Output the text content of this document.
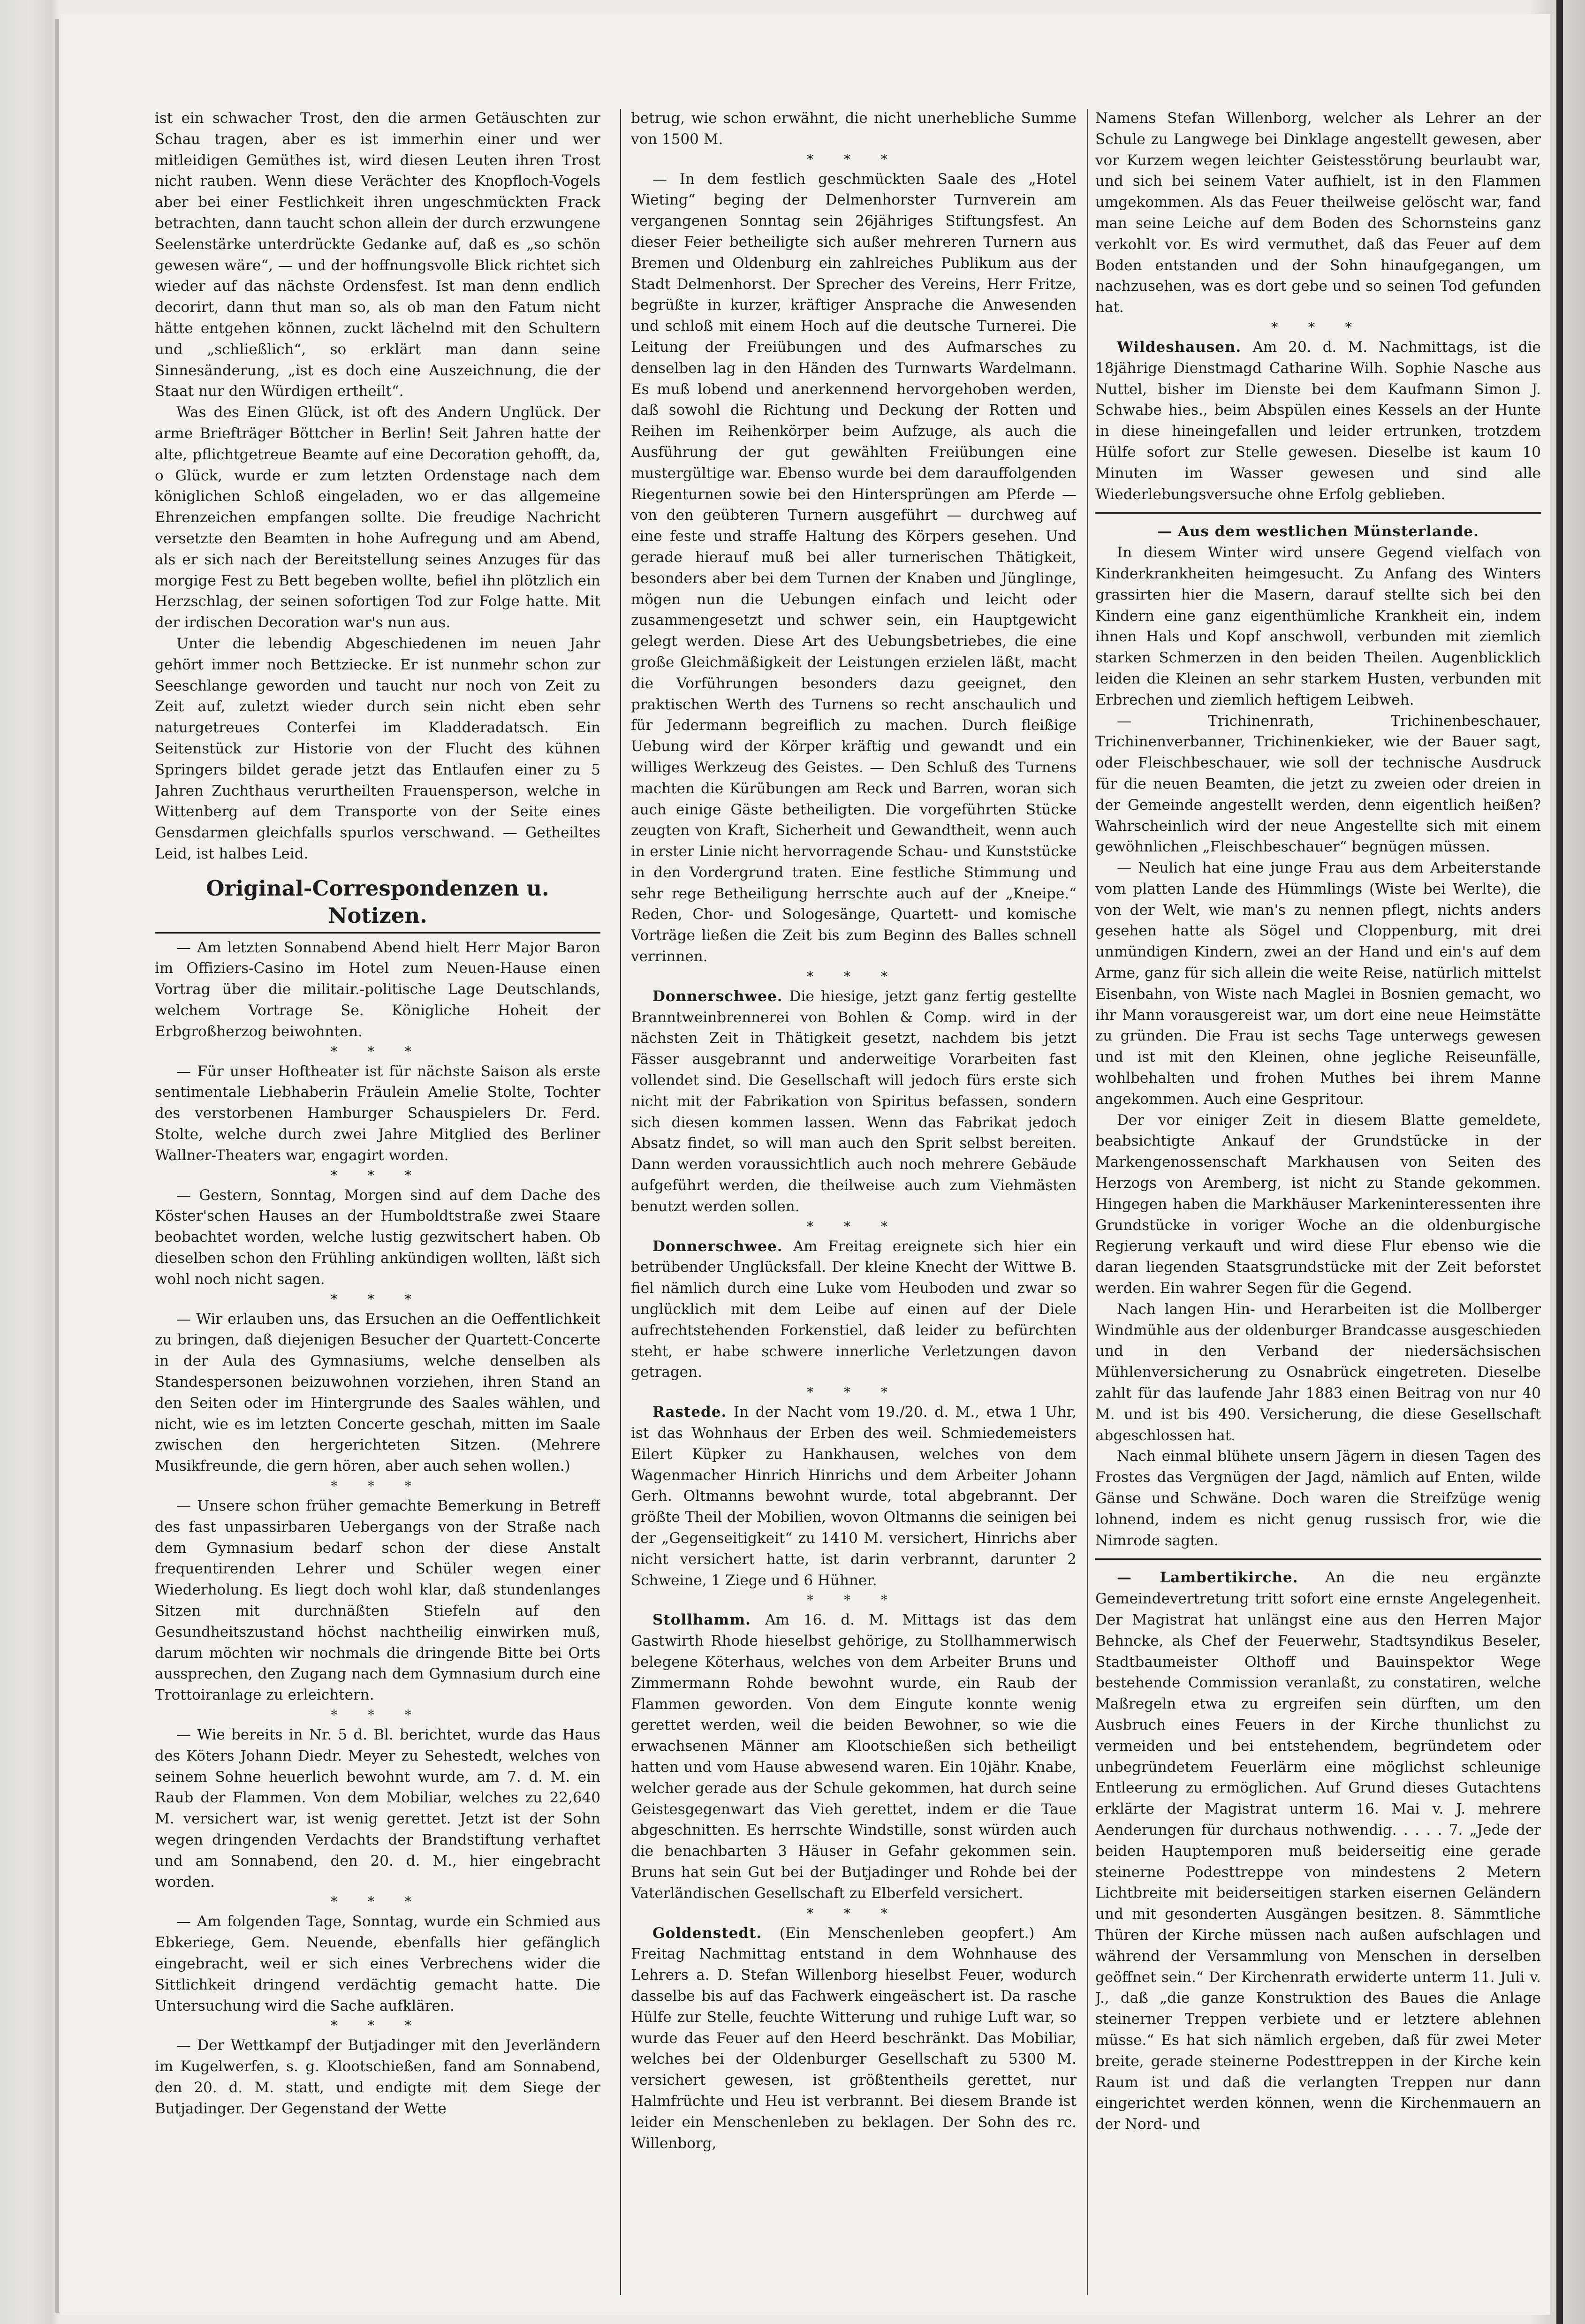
ist ein schwacher Trost, den die armen Getäuschten zur Schau tragen, aber es ist immerhin einer und wer mitleidigen Gemüthes ist, wird diesen Leuten ihren Trost nicht rauben. Wenn diese Verächter des Knopfloch-Vogels aber bei einer Festlichkeit ihren ungeschmückten Frack betrachten, dann taucht schon allein der durch erzwungene Seelenstärke unterdrückte Gedanke auf, daß es „so schön gewesen wäre“, — und der hoffnungsvolle Blick richtet sich wieder auf das nächste Ordensfest. Ist man denn endlich decorirt, dann thut man so, als ob man den Fatum nicht hätte entgehen können, zuckt lächelnd mit den Schultern und „schließlich“, so erklärt man dann seine Sinnesänderung, „ist es doch eine Auszeichnung, die der Staat nur den Würdigen ertheilt“.

Was des Einen Glück, ist oft des Andern Unglück. Der arme Briefträger Böttcher in Berlin! Seit Jahren hatte der alte, pflichtgetreue Beamte auf eine Decoration gehofft, da, o Glück, wurde er zum letzten Ordenstage nach dem königlichen Schloß eingeladen, wo er das allgemeine Ehrenzeichen empfangen sollte. Die freudige Nachricht versetzte den Beamten in hohe Aufregung und am Abend, als er sich nach der Bereitstellung seines Anzuges für das morgige Fest zu Bett begeben wollte, befiel ihn plötzlich ein Herzschlag, der seinen sofortigen Tod zur Folge hatte. Mit der irdischen Decoration war's nun aus.

Unter die lebendig Abgeschiedenen im neuen Jahr gehört immer noch Bettziecke. Er ist nunmehr schon zur Seeschlange geworden und taucht nur noch von Zeit zu Zeit auf, zuletzt wieder durch sein nicht eben sehr naturgetreues Conterfei im Kladderadatsch. Ein Seitenstück zur Historie von der Flucht des kühnen Springers bildet gerade jetzt das Entlaufen einer zu 5 Jahren Zuchthaus verurtheilten Frauensperson, welche in Wittenberg auf dem Transporte von der Seite eines Gensdarmen gleichfalls spurlos verschwand. — Getheiltes Leid, ist halbes Leid.

Original-Correspondenzen u. Notizen.

— Am letzten Sonnabend Abend hielt Herr Major Baron im Offiziers-Casino im Hotel zum Neuen-Hause einen Vortrag über die militair.-politische Lage Deutschlands, welchem Vortrage Se. Königliche Hoheit der Erbgroßherzog beiwohnten.

* * *

— Für unser Hoftheater ist für nächste Saison als erste sentimentale Liebhaberin Fräulein Amelie Stolte, Tochter des verstorbenen Hamburger Schauspielers Dr. Ferd. Stolte, welche durch zwei Jahre Mitglied des Berliner Wallner-Theaters war, engagirt worden.

* * *

— Gestern, Sonntag, Morgen sind auf dem Dache des Köster'schen Hauses an der Humboldtstraße zwei Staare beobachtet worden, welche lustig gezwitschert haben. Ob dieselben schon den Frühling ankündigen wollten, läßt sich wohl noch nicht sagen.

* * *

— Wir erlauben uns, das Ersuchen an die Oeffentlichkeit zu bringen, daß diejenigen Besucher der Quartett-Concerte in der Aula des Gymnasiums, welche denselben als Standespersonen beizuwohnen vorziehen, ihren Stand an den Seiten oder im Hintergrunde des Saales wählen, und nicht, wie es im letzten Concerte geschah, mitten im Saale zwischen den hergerichteten Sitzen. (Mehrere Musikfreunde, die gern hören, aber auch sehen wollen.)

* * *

— Unsere schon früher gemachte Bemerkung in Betreff des fast unpassirbaren Uebergangs von der Straße nach dem Gymnasium bedarf schon der diese Anstalt frequentirenden Lehrer und Schüler wegen einer Wiederholung. Es liegt doch wohl klar, daß stundenlanges Sitzen mit durchnäßten Stiefeln auf den Gesundheitszustand höchst nachtheilig einwirken muß, darum möchten wir nochmals die dringende Bitte bei Orts aussprechen, den Zugang nach dem Gymnasium durch eine Trottoiranlage zu erleichtern.

* * *

— Wie bereits in Nr. 5 d. Bl. berichtet, wurde das Haus des Köters Johann Diedr. Meyer zu Sehestedt, welches von seinem Sohne heuerlich bewohnt wurde, am 7. d. M. ein Raub der Flammen. Von dem Mobiliar, welches zu 22,640 M. versichert war, ist wenig gerettet. Jetzt ist der Sohn wegen dringenden Verdachts der Brandstiftung verhaftet und am Sonnabend, den 20. d. M., hier eingebracht worden.

* * *

— Am folgenden Tage, Sonntag, wurde ein Schmied aus Ebkeriege, Gem. Neuende, ebenfalls hier gefänglich eingebracht, weil er sich eines Verbrechens wider die Sittlichkeit dringend verdächtig gemacht hatte. Die Untersuchung wird die Sache aufklären.

* * *

— Der Wettkampf der Butjadinger mit den Jeverländern im Kugelwerfen, s. g. Klootschießen, fand am Sonnabend, den 20. d. M. statt, und endigte mit dem Siege der Butjadinger. Der Gegenstand der Wette

betrug, wie schon erwähnt, die nicht unerhebliche Summe von 1500 M.

* * *

— In dem festlich geschmückten Saale des „Hotel Wieting“ beging der Delmenhorster Turnverein am vergangenen Sonntag sein 26jähriges Stiftungsfest. An dieser Feier betheiligte sich außer mehreren Turnern aus Bremen und Oldenburg ein zahlreiches Publikum aus der Stadt Delmenhorst. Der Sprecher des Vereins, Herr Fritze, begrüßte in kurzer, kräftiger Ansprache die Anwesenden und schloß mit einem Hoch auf die deutsche Turnerei. Die Leitung der Freiübungen und des Aufmarsches zu denselben lag in den Händen des Turnwarts Wardelmann. Es muß lobend und anerkennend hervorgehoben werden, daß sowohl die Richtung und Deckung der Rotten und Reihen im Reihenkörper beim Aufzuge, als auch die Ausführung der gut gewählten Freiübungen eine mustergültige war. Ebenso wurde bei dem darauffolgenden Riegenturnen sowie bei den Hintersprüngen am Pferde — von den geübteren Turnern ausgeführt — durchweg auf eine feste und straffe Haltung des Körpers gesehen. Und gerade hierauf muß bei aller turnerischen Thätigkeit, besonders aber bei dem Turnen der Knaben und Jünglinge, mögen nun die Uebungen einfach und leicht oder zusammengesetzt und schwer sein, ein Hauptgewicht gelegt werden. Diese Art des Uebungsbetriebes, die eine große Gleichmäßigkeit der Leistungen erzielen läßt, macht die Vorführungen besonders dazu geeignet, den praktischen Werth des Turnens so recht anschaulich und für Jedermann begreiflich zu machen. Durch fleißige Uebung wird der Körper kräftig und gewandt und ein williges Werkzeug des Geistes. — Den Schluß des Turnens machten die Kürübungen am Reck und Barren, woran sich auch einige Gäste betheiligten. Die vorgeführten Stücke zeugten von Kraft, Sicherheit und Gewandtheit, wenn auch in erster Linie nicht hervorragende Schau- und Kunststücke in den Vordergrund traten. Eine festliche Stimmung und sehr rege Betheiligung herrschte auch auf der „Kneipe.“ Reden, Chor- und Sologesänge, Quartett- und komische Vorträge ließen die Zeit bis zum Beginn des Balles schnell verrinnen.

* * *

Donnerschwee. Die hiesige, jetzt ganz fertig gestellte Branntweinbrennerei von Bohlen & Comp. wird in der nächsten Zeit in Thätigkeit gesetzt, nachdem bis jetzt Fässer ausgebrannt und anderweitige Vorarbeiten fast vollendet sind. Die Gesellschaft will jedoch fürs erste sich nicht mit der Fabrikation von Spiritus befassen, sondern sich diesen kommen lassen. Wenn das Fabrikat jedoch Absatz findet, so will man auch den Sprit selbst bereiten. Dann werden voraussichtlich auch noch mehrere Gebäude aufgeführt werden, die theilweise auch zum Viehmästen benutzt werden sollen.

* * *

Donnerschwee. Am Freitag ereignete sich hier ein betrübender Unglücksfall. Der kleine Knecht der Wittwe B. fiel nämlich durch eine Luke vom Heuboden und zwar so unglücklich mit dem Leibe auf einen auf der Diele aufrechtstehenden Forkenstiel, daß leider zu befürchten steht, er habe schwere innerliche Verletzungen davon getragen.

* * *

Rastede. In der Nacht vom 19./20. d. M., etwa 1 Uhr, ist das Wohnhaus der Erben des weil. Schmiedemeisters Eilert Küpker zu Hankhausen, welches von dem Wagenmacher Hinrich Hinrichs und dem Arbeiter Johann Gerh. Oltmanns bewohnt wurde, total abgebrannt. Der größte Theil der Mobilien, wovon Oltmanns die seinigen bei der „Gegenseitigkeit“ zu 1410 M. versichert, Hinrichs aber nicht versichert hatte, ist darin verbrannt, darunter 2 Schweine, 1 Ziege und 6 Hühner.

* * *

Stollhamm. Am 16. d. M. Mittags ist das dem Gastwirth Rhode hieselbst gehörige, zu Stollhammerwisch belegene Köterhaus, welches von dem Arbeiter Bruns und Zimmermann Rohde bewohnt wurde, ein Raub der Flammen geworden. Von dem Eingute konnte wenig gerettet werden, weil die beiden Bewohner, so wie die erwachsenen Männer am Klootschießen sich betheiligt hatten und vom Hause abwesend waren. Ein 10jähr. Knabe, welcher gerade aus der Schule gekommen, hat durch seine Geistesgegenwart das Vieh gerettet, indem er die Taue abgeschnitten. Es herrschte Windstille, sonst würden auch die benachbarten 3 Häuser in Gefahr gekommen sein. Bruns hat sein Gut bei der Butjadinger und Rohde bei der Vaterländischen Gesellschaft zu Elberfeld versichert.

* * *

Goldenstedt. (Ein Menschenleben geopfert.) Am Freitag Nachmittag entstand in dem Wohnhause des Lehrers a. D. Stefan Willenborg hieselbst Feuer, wodurch dasselbe bis auf das Fachwerk eingeäschert ist. Da rasche Hülfe zur Stelle, feuchte Witterung und ruhige Luft war, so wurde das Feuer auf den Heerd beschränkt. Das Mobiliar, welches bei der Oldenburger Gesellschaft zu 5300 M. versichert gewesen, ist größtentheils gerettet, nur Halmfrüchte und Heu ist verbrannt. Bei diesem Brande ist leider ein Menschenleben zu beklagen. Der Sohn des rc. Willenborg,

Namens Stefan Willenborg, welcher als Lehrer an der Schule zu Langwege bei Dinklage angestellt gewesen, aber vor Kurzem wegen leichter Geistesstörung beurlaubt war, und sich bei seinem Vater aufhielt, ist in den Flammen umgekommen. Als das Feuer theilweise gelöscht war, fand man seine Leiche auf dem Boden des Schornsteins ganz verkohlt vor. Es wird vermuthet, daß das Feuer auf dem Boden entstanden und der Sohn hinaufgegangen, um nachzusehen, was es dort gebe und so seinen Tod gefunden hat.

* * *

Wildeshausen. Am 20. d. M. Nachmittags, ist die 18jährige Dienstmagd Catharine Wilh. Sophie Nasche aus Nuttel, bisher im Dienste bei dem Kaufmann Simon J. Schwabe hies., beim Abspülen eines Kessels an der Hunte in diese hineingefallen und leider ertrunken, trotzdem Hülfe sofort zur Stelle gewesen. Dieselbe ist kaum 10 Minuten im Wasser gewesen und sind alle Wiederlebungsversuche ohne Erfolg geblieben.

— Aus dem westlichen Münsterlande.

In diesem Winter wird unsere Gegend vielfach von Kinderkrankheiten heimgesucht. Zu Anfang des Winters grassirten hier die Masern, darauf stellte sich bei den Kindern eine ganz eigenthümliche Krankheit ein, indem ihnen Hals und Kopf anschwoll, verbunden mit ziemlich starken Schmerzen in den beiden Theilen. Augenblicklich leiden die Kleinen an sehr starkem Husten, verbunden mit Erbrechen und ziemlich heftigem Leibweh.

— Trichinenrath, Trichinenbeschauer, Trichinenverbanner, Trichinenkieker, wie der Bauer sagt, oder Fleischbeschauer, wie soll der technische Ausdruck für die neuen Beamten, die jetzt zu zweien oder dreien in der Gemeinde angestellt werden, denn eigentlich heißen? Wahrscheinlich wird der neue Angestellte sich mit einem gewöhnlichen „Fleischbeschauer“ begnügen müssen.

— Neulich hat eine junge Frau aus dem Arbeiterstande vom platten Lande des Hümmlings (Wiste bei Werlte), die von der Welt, wie man's zu nennen pflegt, nichts anders gesehen hatte als Sögel und Cloppenburg, mit drei unmündigen Kindern, zwei an der Hand und ein's auf dem Arme, ganz für sich allein die weite Reise, natürlich mittelst Eisenbahn, von Wiste nach Maglei in Bosnien gemacht, wo ihr Mann vorausgereist war, um dort eine neue Heimstätte zu gründen. Die Frau ist sechs Tage unterwegs gewesen und ist mit den Kleinen, ohne jegliche Reiseunfälle, wohlbehalten und frohen Muthes bei ihrem Manne angekommen. Auch eine Gespritour.

Der vor einiger Zeit in diesem Blatte gemeldete, beabsichtigte Ankauf der Grundstücke in der Markengenossenschaft Markhausen von Seiten des Herzogs von Aremberg, ist nicht zu Stande gekommen. Hingegen haben die Markhäuser Markeninteressenten ihre Grundstücke in voriger Woche an die oldenburgische Regierung verkauft und wird diese Flur ebenso wie die daran liegenden Staatsgrundstücke mit der Zeit beforstet werden. Ein wahrer Segen für die Gegend.

Nach langen Hin- und Herarbeiten ist die Mollberger Windmühle aus der oldenburger Brandcasse ausgeschieden und in den Verband der niedersächsischen Mühlenversicherung zu Osnabrück eingetreten. Dieselbe zahlt für das laufende Jahr 1883 einen Beitrag von nur 40 M. und ist bis 490. Versicherung, die diese Gesellschaft abgeschlossen hat.

Nach einmal blühete unsern Jägern in diesen Tagen des Frostes das Vergnügen der Jagd, nämlich auf Enten, wilde Gänse und Schwäne. Doch waren die Streifzüge wenig lohnend, indem es nicht genug russisch fror, wie die Nimrode sagten.

— Lambertikirche. An die neu ergänzte Gemeindevertretung tritt sofort eine ernste Angelegenheit. Der Magistrat hat unlängst eine aus den Herren Major Behncke, als Chef der Feuerwehr, Stadtsyndikus Beseler, Stadtbaumeister Olthoff und Bauinspektor Wege bestehende Commission veranlaßt, zu constatiren, welche Maßregeln etwa zu ergreifen sein dürften, um den Ausbruch eines Feuers in der Kirche thunlichst zu vermeiden und bei entstehendem, begründetem oder unbegründetem Feuerlärm eine möglichst schleunige Entleerung zu ermöglichen. Auf Grund dieses Gutachtens erklärte der Magistrat unterm 16. Mai v. J. mehrere Aenderungen für durchaus nothwendig. . . . . 7. „Jede der beiden Hauptemporen muß beiderseitig eine gerade steinerne Podesttreppe von mindestens 2 Metern Lichtbreite mit beiderseitigen starken eisernen Geländern und mit gesonderten Ausgängen besitzen. 8. Sämmtliche Thüren der Kirche müssen nach außen aufschlagen und während der Versammlung von Menschen in derselben geöffnet sein.“ Der Kirchenrath erwiderte unterm 11. Juli v. J., daß „die ganze Konstruktion des Baues die Anlage steinerner Treppen verbiete und er letztere ablehnen müsse.“ Es hat sich nämlich ergeben, daß für zwei Meter breite, gerade steinerne Podesttreppen in der Kirche kein Raum ist und daß die verlangten Treppen nur dann eingerichtet werden können, wenn die Kirchenmauern an der Nord- und
